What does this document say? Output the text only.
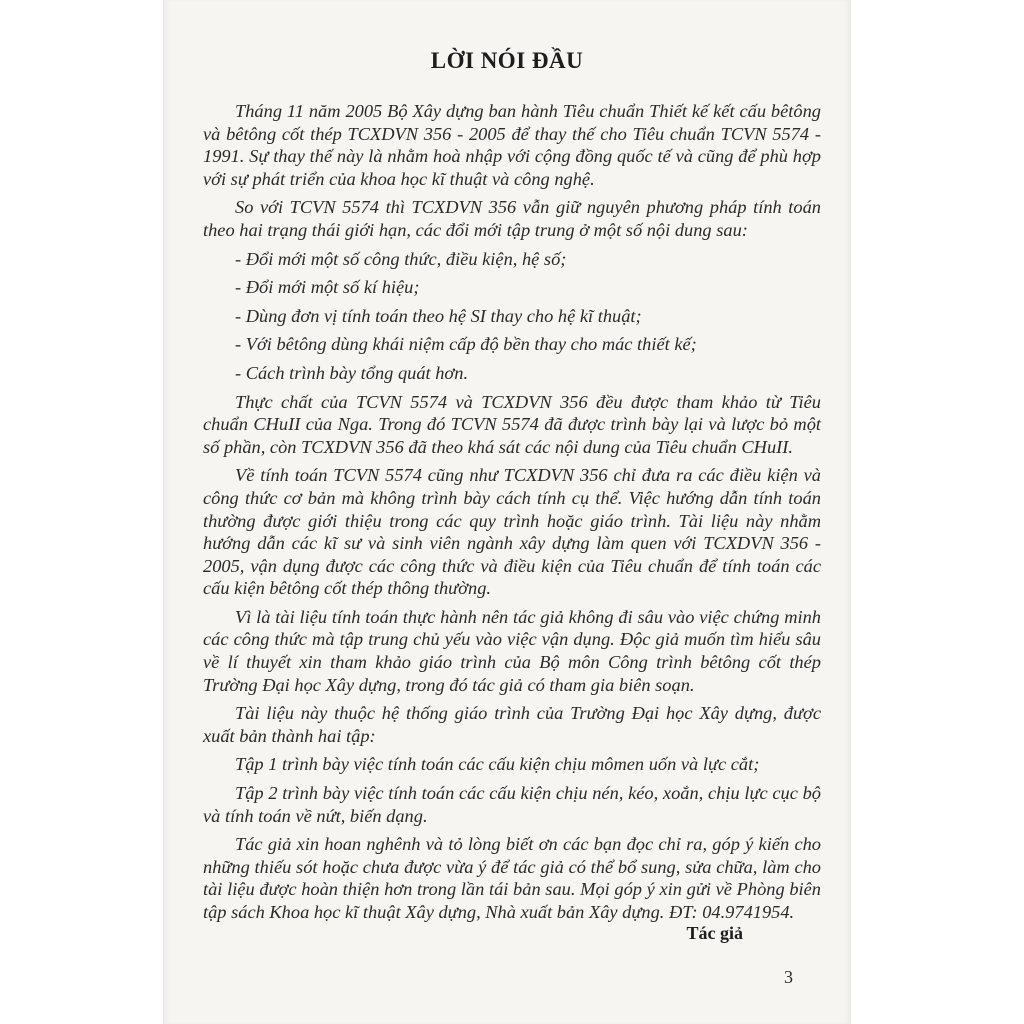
LỜI NÓI ĐẦU

Tháng 11 năm 2005 Bộ Xây dựng ban hành Tiêu chuẩn Thiết kế kết cấu bêtông và bêtông cốt thép TCXDVN 356 - 2005 để thay thế cho Tiêu chuẩn TCVN 5574 - 1991. Sự thay thế này là nhằm hoà nhập với cộng đồng quốc tế và cũng để phù hợp với sự phát triển của khoa học kĩ thuật và công nghệ.

So với TCVN 5574 thì TCXDVN 356 vẫn giữ nguyên phương pháp tính toán theo hai trạng thái giới hạn, các đổi mới tập trung ở một số nội dung sau:

- Đổi mới một số công thức, điều kiện, hệ số;

- Đổi mới một số kí hiệu;

- Dùng đơn vị tính toán theo hệ SI thay cho hệ kĩ thuật;

- Với bêtông dùng khái niệm cấp độ bền thay cho mác thiết kế;

- Cách trình bày tổng quát hơn.

Thực chất của TCVN 5574 và TCXDVN 356 đều được tham khảo từ Tiêu chuẩn CHuII của Nga. Trong đó TCVN 5574 đã được trình bày lại và lược bỏ một số phần, còn TCXDVN 356 đã theo khá sát các nội dung của Tiêu chuẩn CHuII.

Về tính toán TCVN 5574 cũng như TCXDVN 356 chỉ đưa ra các điều kiện và công thức cơ bản mà không trình bày cách tính cụ thể. Việc hướng dẫn tính toán thường được giới thiệu trong các quy trình hoặc giáo trình. Tài liệu này nhằm hướng dẫn các kĩ sư và sinh viên ngành xây dựng làm quen với TCXDVN 356 - 2005, vận dụng được các công thức và điều kiện của Tiêu chuẩn để tính toán các cấu kiện bêtông cốt thép thông thường.

Vì là tài liệu tính toán thực hành nên tác giả không đi sâu vào việc chứng minh các công thức mà tập trung chủ yếu vào việc vận dụng. Độc giả muốn tìm hiểu sâu về lí thuyết xin tham khảo giáo trình của Bộ môn Công trình bêtông cốt thép Trường Đại học Xây dựng, trong đó tác giả có tham gia biên soạn.

Tài liệu này thuộc hệ thống giáo trình của Trường Đại học Xây dựng, được xuất bản thành hai tập:

Tập 1 trình bày việc tính toán các cấu kiện chịu mômen uốn và lực cắt;

Tập 2 trình bày việc tính toán các cấu kiện chịu nén, kéo, xoắn, chịu lực cục bộ và tính toán về nứt, biến dạng.

Tác giả xin hoan nghênh và tỏ lòng biết ơn các bạn đọc chỉ ra, góp ý kiến cho những thiếu sót hoặc chưa được vừa ý để tác giả có thể bổ sung, sửa chữa, làm cho tài liệu được hoàn thiện hơn trong lần tái bản sau. Mọi góp ý xin gửi về Phòng biên tập sách Khoa học kĩ thuật Xây dựng, Nhà xuất bản Xây dựng. ĐT: 04.9741954.

Tác giả
3
